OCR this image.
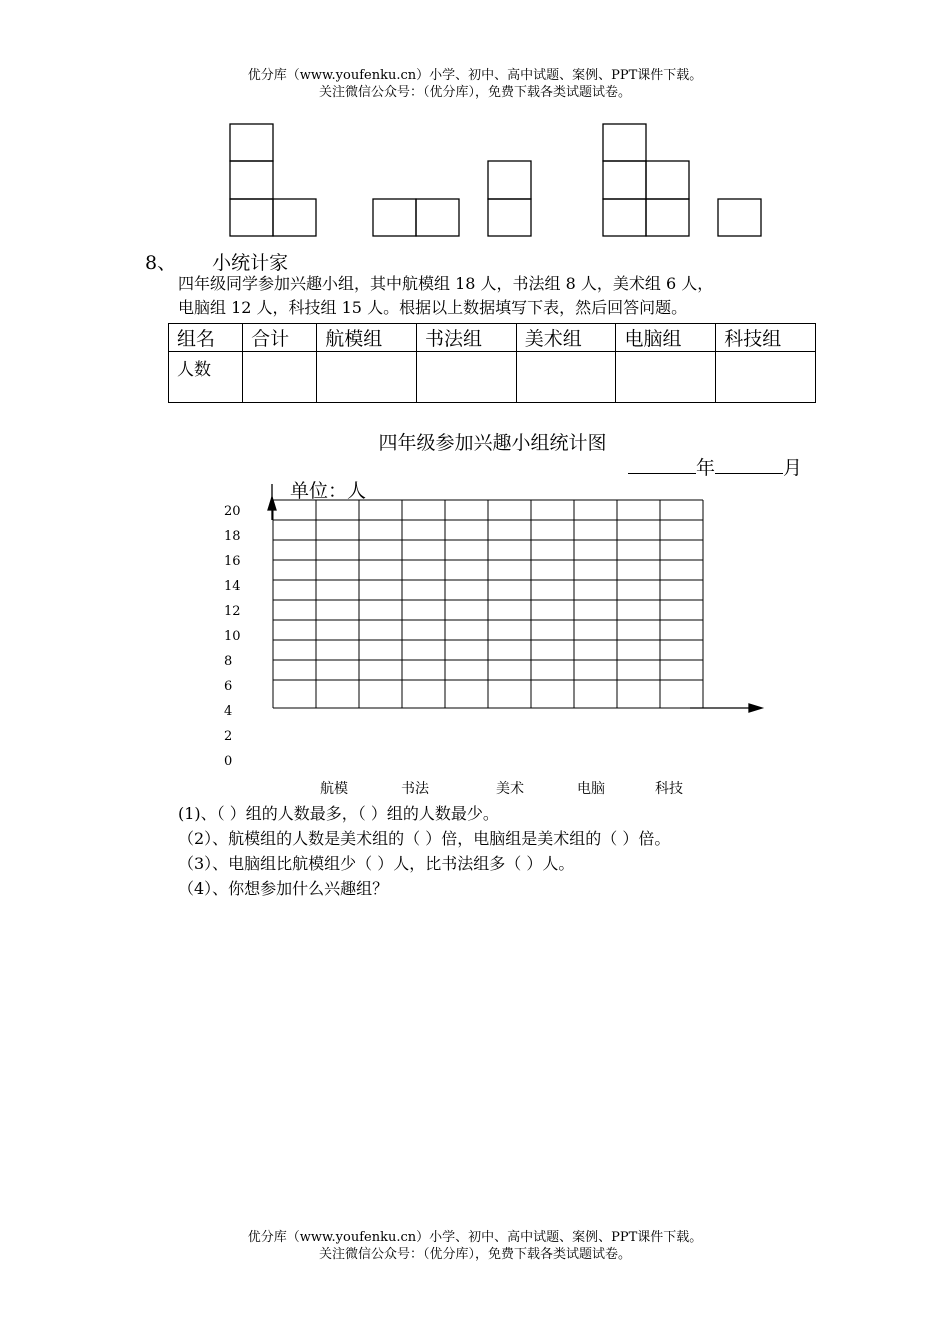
优分库（www.youfenku.cn）小学、初中、高中试题、案例、PPT课件下载。
关注微信公众号：（优分库），免费下载各类试题试卷。
8、 小统计家
四年级同学参加兴趣小组，其中航模组 18 人，书法组 8 人，美术组 6 人，
电脑组 12 人，科技组 15 人。根据以上数据填写下表，然后回答问题。
组名	合计	航模组	书法组	美术组	电脑组	科技组
人数						
四年级参加兴趣小组统计图
年	月
单位：人
20
18
16
14
12
10
8
6
4
2
0
航模	书法	美术	电脑	科技
(1)、（ ）组的人数最多，（ ）组的人数最少。
（2）、航模组的人数是美术组的（ ）倍，电脑组是美术组的（ ）倍。
（3）、电脑组比航模组少（ ）人，比书法组多（ ）人。
（4）、你想参加什么兴趣组？
优分库（www.youfenku.cn）小学、初中、高中试题、案例、PPT课件下载。
关注微信公众号：（优分库），免费下载各类试题试卷。
